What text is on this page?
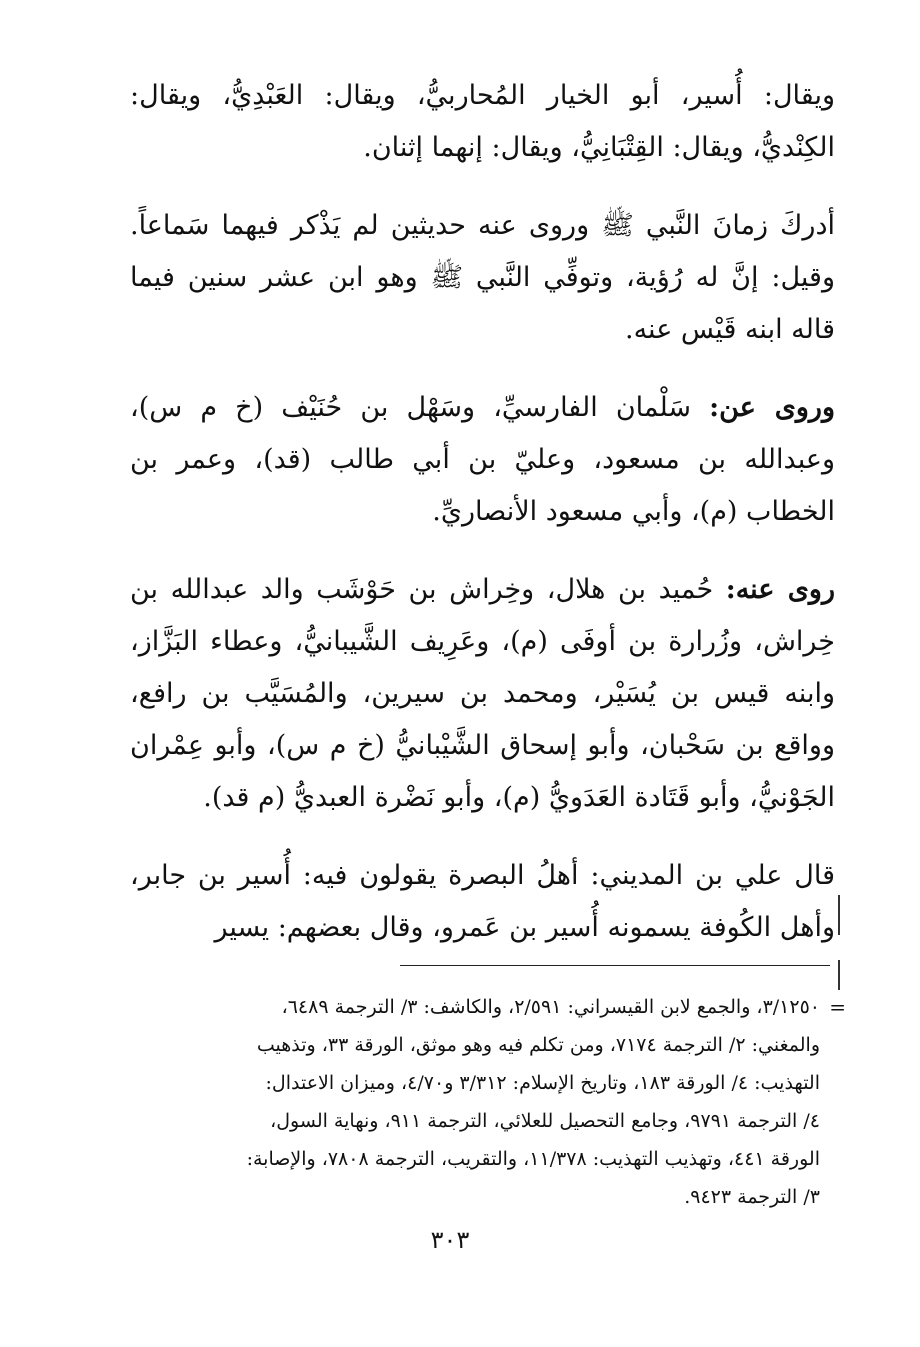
ويقال: أُسير، أبو الخيار المُحاربيُّ، ويقال: العَبْدِيُّ، ويقال: الكِنْديُّ، ويقال: القِتْبَانِيُّ، ويقال: إنهما إثنان.

أدركَ زمانَ النَّبي ﷺ وروى عنه حديثين لم يَذْكر فيهما سَماعاً. وقيل: إنَّ له رُؤية، وتوفِّي النَّبي ﷺ وهو ابن عشر سنين فيما قاله ابنه قَيْس عنه.

وروى عن: سَلْمان الفارسيِّ، وسَهْل بن حُنَيْف (خ م س)، وعبدالله بن مسعود، وعليّ بن أبي طالب (قد)، وعمر بن الخطاب (م)، وأبي مسعود الأنصاريِّ.

روى عنه: حُميد بن هلال، وخِراش بن حَوْشَب والد عبدالله بن خِراش، وزُرارة بن أوفَى (م)، وعَرِيف الشَّيبانيُّ، وعطاء البَزَّاز، وابنه قيس بن يُسَيْر، ومحمد بن سيرين، والمُسَيَّب بن رافع، وواقع بن سَحْبان، وأبو إسحاق الشَّيْبانيُّ (خ م س)، وأبو عِمْران الجَوْنيُّ، وأبو قَتَادة العَدَويُّ (م)، وأبو نَضْرة العبديُّ (م قد).

قال علي بن المديني: أهلُ البصرة يقولون فيه: أُسير بن جابر، وأهل الكُوفة يسمونه أُسير بن عَمرو، وقال بعضهم: يسير

=
٣/١٢٥٠، والجمع لابن القيسراني: ٢/٥٩١، والكاشف: ٣/ الترجمة ٦٤٨٩،
والمغني: ٢/ الترجمة ٧١٧٤، ومن تكلم فيه وهو موثق، الورقة ٣٣، وتذهيب
التهذيب: ٤/ الورقة ١٨٣، وتاريخ الإسلام: ٣/٣١٢ و٤/٧٠، وميزان الاعتدال:
٤/ الترجمة ٩٧٩١، وجامع التحصيل للعلائي، الترجمة ٩١١، ونهاية السول،
الورقة ٤٤١، وتهذيب التهذيب: ١١/٣٧٨، والتقريب، الترجمة ٧٨٠٨، والإصابة:
٣/ الترجمة ٩٤٢٣.
٣٠٣
